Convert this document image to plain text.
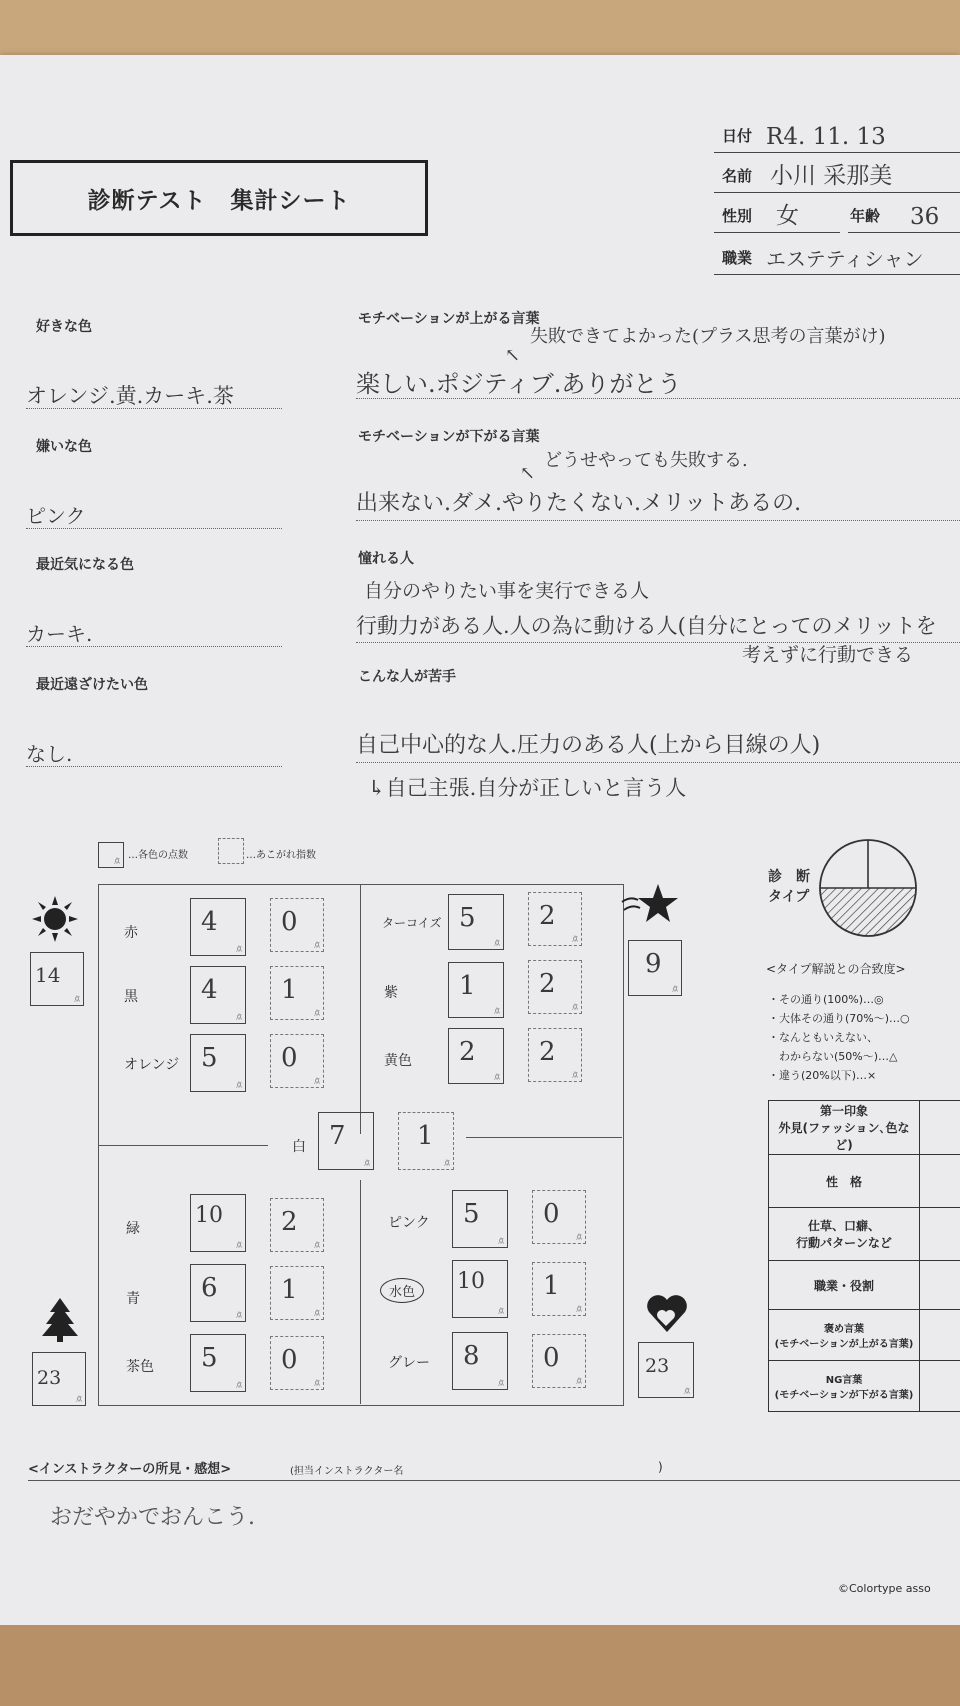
診断テスト　集計シート
日付 R4. 11. 13
名前 小川 采那美
性別 女	年齢 36
職業 エステティシャン
好きな色
オレンジ.黄.カーキ.茶
嫌いな色
ピンク
最近気になる色
カーキ.
最近遠ざけたい色
なし.
モチベーションが上がる言葉
失敗できてよかった(プラス思考の言葉がけ)
↖
楽しい.ポジティブ.ありがとう
モチベーションが下がる言葉
どうせやっても失敗する.
↖
出来ない.ダメ.やりたくない.メリットあるの.
憧れる人
自分のやりたい事を実行できる人
行動力がある人.人の為に動ける人(自分にとってのメリットを
考えずに行動できる
こんな人が苦手
自己中心的な人.圧力のある人(上から目線の人)
↳自己主張.自分が正しいと言う人
点
…各色の点数	…あこがれ指数
14
点
9
点
23
点
23
点
赤 4
点
0
点
黒 4
点
1
点
オレンジ 5
点
0
点
ターコイズ 5
点
2
点
紫 1
点
2
点
黄色 2
点
2
点
白 7
点
1
点
緑
10
点
2
点
青 6
点
1
点
茶色 5
点
0
点
ピンク 5
点
0
点
水色	10
点
1
点
グレー 8
点
0
点
診　断
タイプ
<タイプ解説との合致度>
・その通り(100%)…◎
・大体その通り(70%〜)…○
・なんともいえない、
　わからない(50%〜)…△
・違う(20%以下)…×
第一印象
外見(ファッション､色など)	
性　格	
仕草、口癖、
行動パターンなど	
職業・役割	
褒め言葉
(モチベーションが上がる言葉)	
NG言葉
(モチベーションが下がる言葉)	
<インストラクターの所見・感想>	(担当インストラクター名	)
おだやかでおんこう.
©Colortype asso
